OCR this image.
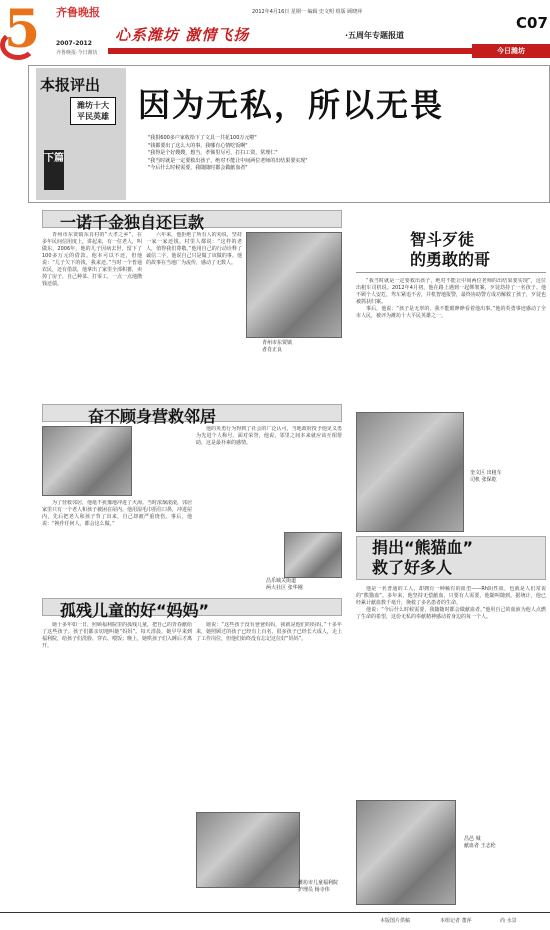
5 齐鲁晚报
2007-2012
齐鲁晚报·今日潍坊
2012年4月16日 星期一 编辑 史文明 组版 顾晓萍
C07
心系潍坊 激情飞扬	·五周年专题报道
今日潍坊
本报评出
潍坊十大
平民英雄
下篇
因为无私，所以无畏
"我捐600多户家收拾下了文具一共花100万元啦"
"钱都要出了这么大的事，我哪有心情吃饭啊"
"我得是个好嫂嫂，想当，孝悌里尽可，打扫工资，常理仁"
"我当时就是一定要救出孩子，绝对不能让中间两位老师的出结果要实现"
"今后什么时候需要，我随随时都会做献血者"
一诺千金独自还巨款

青州市东贾镇东肖村的“大孝之乡”，在多年民间信用度上，讲起来，有一位老人，叫做东，2006年，他的儿子因病去世，留下了100多万元的借款。他本可以不还，但他说：“儿子欠下的钱，我来还。”当时一个普通农民，还有借款，他拿出了家里全部积蓄，卖掉了房子，自己种菜、打零工，一点一点地攒钱还债。

六年来，他拒绝了所有人的劝说，坚持一家一家还钱。村里人都说：“这样的老人，值得我们尊敬。”他用自己的行动诠释了诚信二字，他说自己只是做了该做的事。他的故事在当地广为流传，感动了无数人。

青州市东贾镇
者肖正良
奋不顾身营救邻居

为了营救邻居，他毫不犹豫地冲进了火海。当时浓烟滚滚，邻居家里只有一个老人和孩子被困在屋内。他用湿毛巾捂住口鼻，冲进屋内，先后把老人和孩子背了出来，自己却被严重烧伤。事后，他说：“换作任何人，都会这么做。”

他的英勇行为得到了社会的广泛认可，当地政府授予他见义勇为先进个人称号。面对荣誉，他说，邻里之间本来就应该互相帮助，这是最朴素的感情。

昌乐城关街道
两大社区 张华刚
智斗歹徒
的勇敢的哥

“我当时就是一定要救出孩子，绝对不能让中间两位老师的出结果要实现”，这位出租车司机说。2012年4月初，他在路上遇到一起绑架案，歹徒劫持了一名孩子。他不顾个人安危，驾车紧追不舍，并机智地报警，最终协助警方成功解救了孩子，歹徒也被抓获归案。

事后，他说：“孩子是无辜的，我不能眼睁睁看着他出事。”他的英勇事迹感动了全市人民，被评为潍坊十大平民英雄之一。

奎文区 出租车
司机 张保乾
捐出“熊猫血”
救了好多人

他是一名普通的工人，却拥有一种稀有的血型——Rh阴性血，也就是人们常说的“熊猫血”。多年来，他坚持无偿献血，只要有人需要，他随叫随到。据统计，他已经累计献血数千毫升，挽救了多名患者的生命。

他说：“今后什么时候需要，我随随时都会做献血者。”他用自己的血液为他人点燃了生命的希望，这份无私的奉献精神感动着身边的每一个人。

昌邑 城
献血者 王志伦
孤残儿童的好“妈妈”

她十多年如一日，照顾福利院里的孤残儿童，把自己的青春献给了这些孩子。孩子们都亲切地叫她“妈妈”。每天清晨，她早早来到福利院，给孩子们洗脸、穿衣、喂饭；晚上，她哄孩子们入睡后才离开。

她说：“这些孩子没有爸爸妈妈，我就是他们的妈妈。”十多年来，她照顾过的孩子已经有上百名，很多孩子已经长大成人，走上了工作岗位，但他们始终没有忘记这位好“妈妈”。

潍坊市儿童福利院
护理员 杨寺伟
本版图片供稿	本组记者 董萍	尚 水景
